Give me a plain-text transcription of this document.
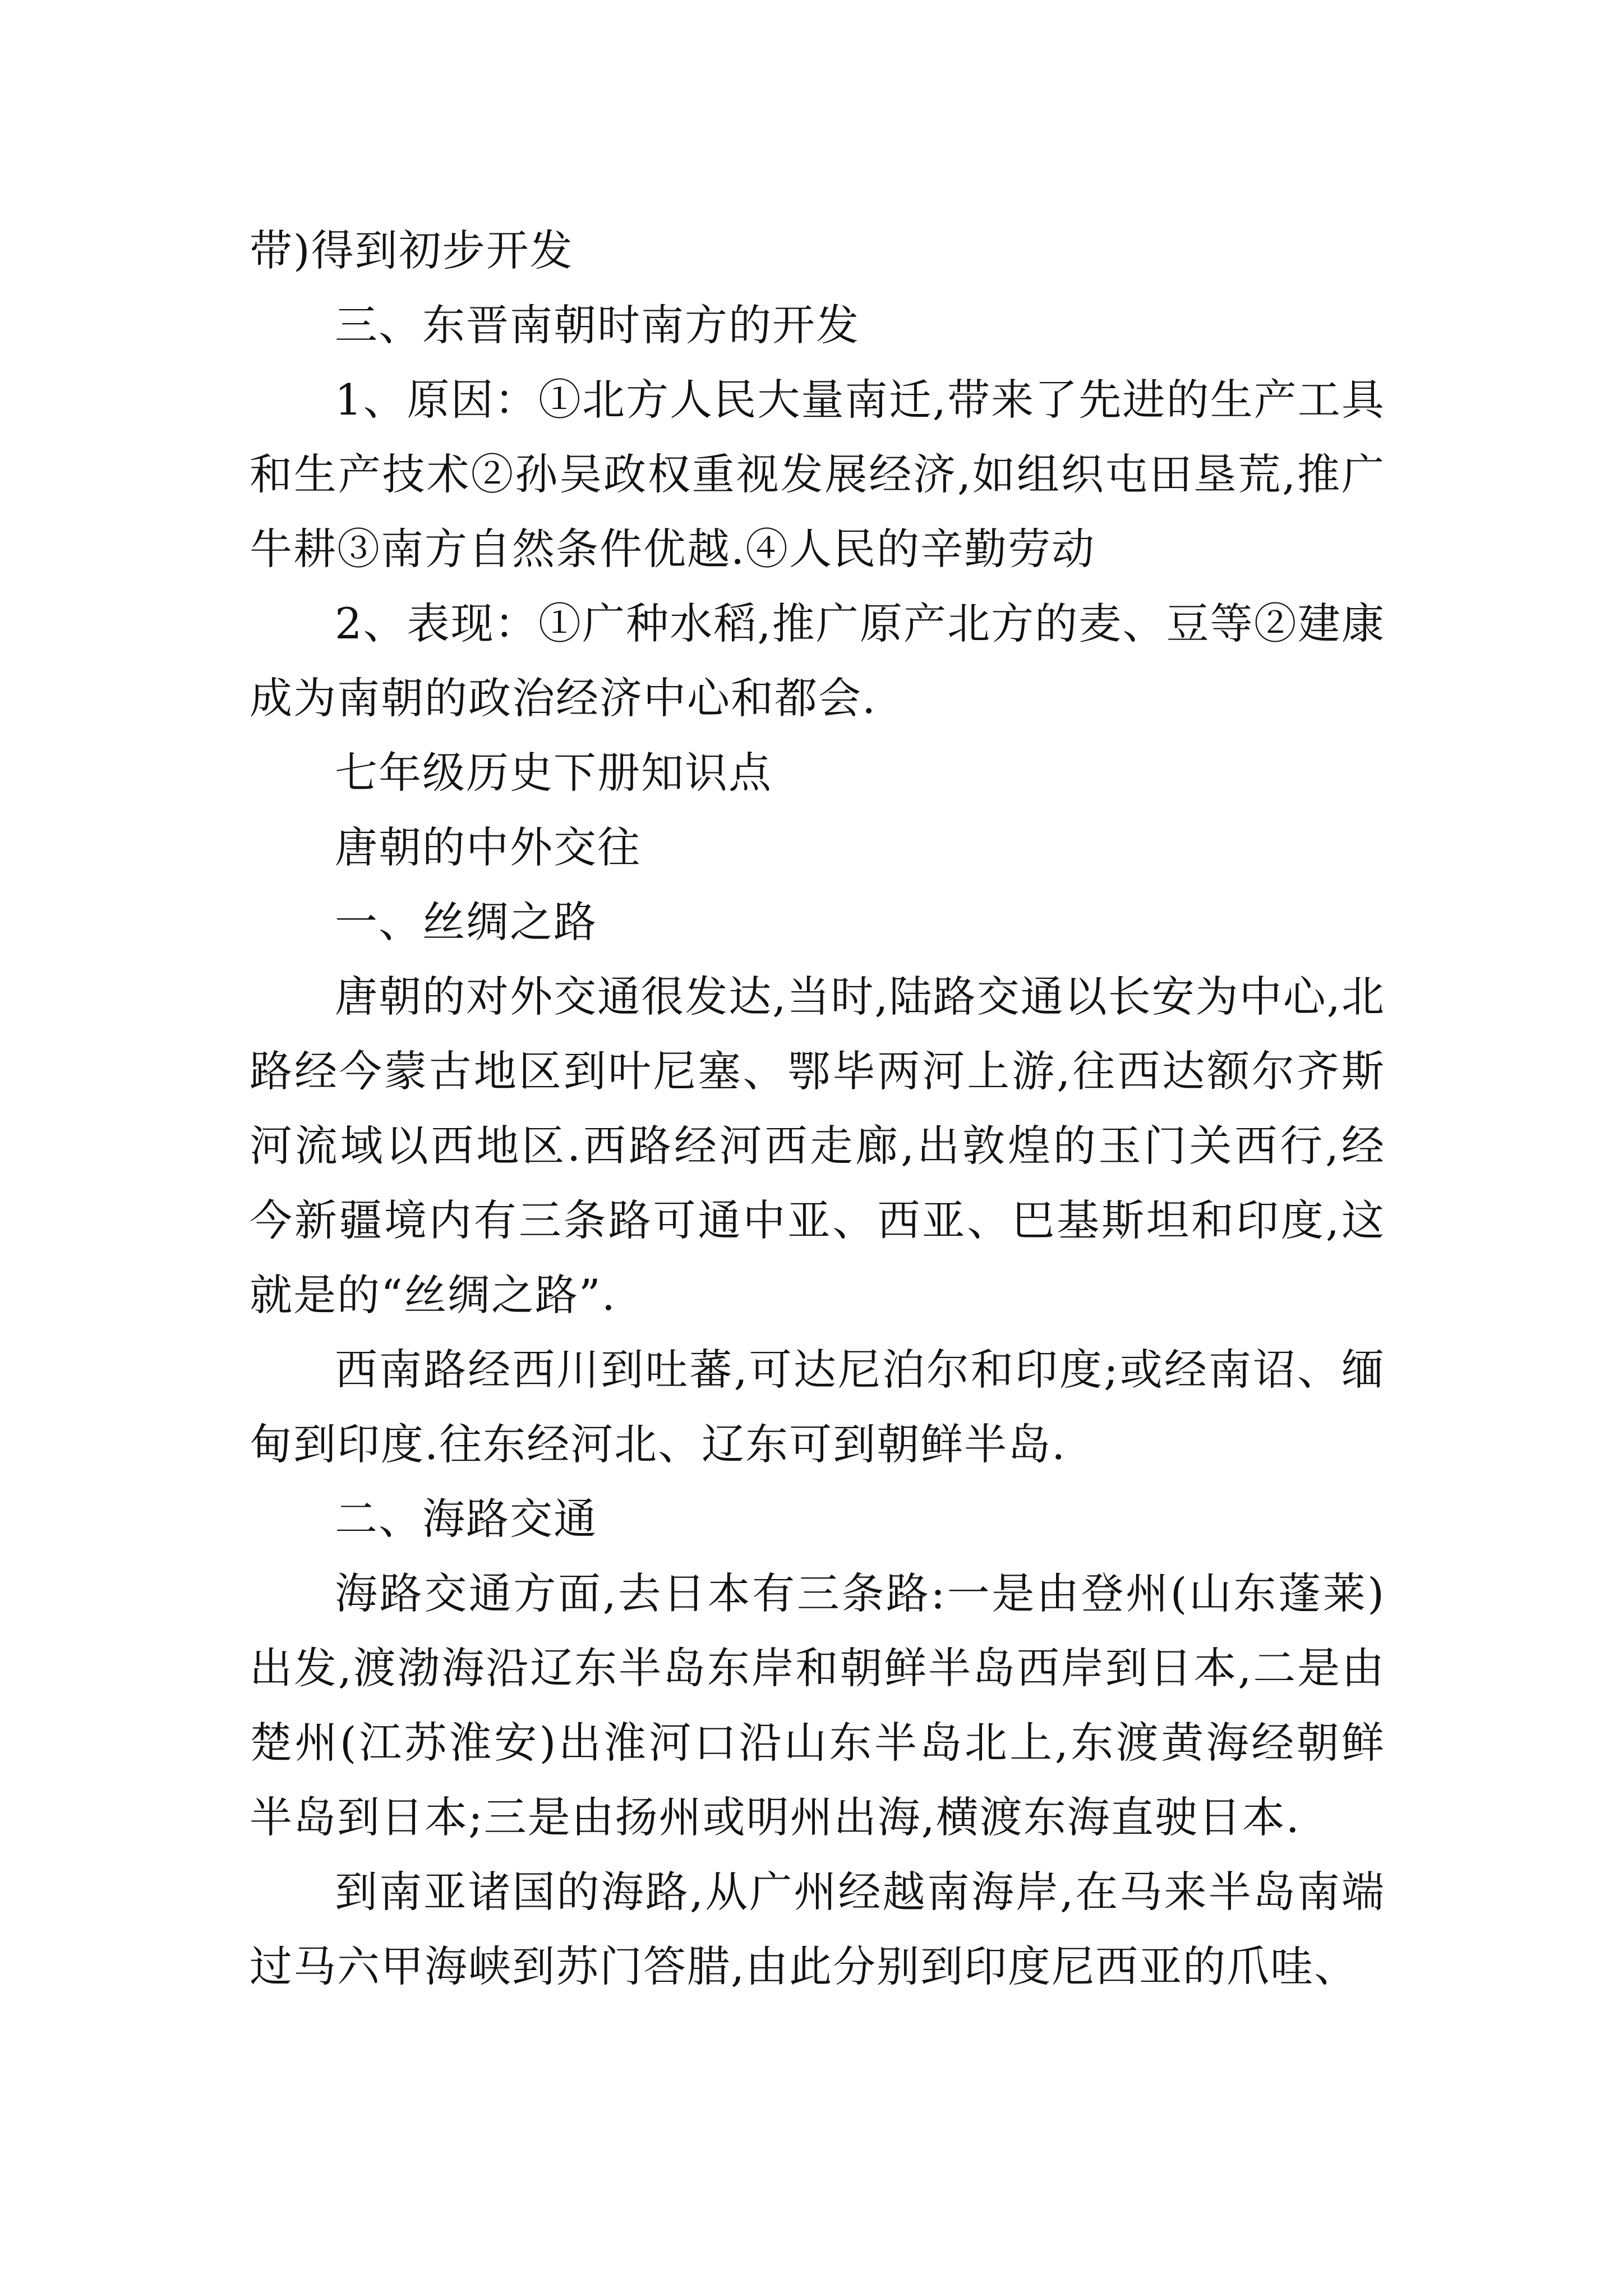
带)得到初步开发

三、东晋南朝时南方的开发

1、原因：①北方人民大量南迁,带来了先进的生产工具和生产技术②孙吴政权重视发展经济,如组织屯田垦荒,推广牛耕③南方自然条件优越.④人民的辛勤劳动

2、表现：①广种水稻,推广原产北方的麦、豆等②建康成为南朝的政治经济中心和都会.

七年级历史下册知识点

唐朝的中外交往

一、丝绸之路

唐朝的对外交通很发达,当时,陆路交通以长安为中心,北路经今蒙古地区到叶尼塞、鄂毕两河上游,往西达额尔齐斯河流域以西地区.西路经河西走廊,出敦煌的玉门关西行,经今新疆境内有三条路可通中亚、西亚、巴基斯坦和印度,这就是的“丝绸之路”.

西南路经西川到吐蕃,可达尼泊尔和印度;或经南诏、缅甸到印度.往东经河北、辽东可到朝鲜半岛.

二、海路交通

海路交通方面,去日本有三条路:一是由登州(山东蓬莱)出发,渡渤海沿辽东半岛东岸和朝鲜半岛西岸到日本,二是由楚州(江苏淮安)出淮河口沿山东半岛北上,东渡黄海经朝鲜半岛到日本;三是由扬州或明州出海,横渡东海直驶日本.

到南亚诸国的海路,从广州经越南海岸,在马来半岛南端过马六甲海峡到苏门答腊,由此分别到印度尼西亚的爪哇、
